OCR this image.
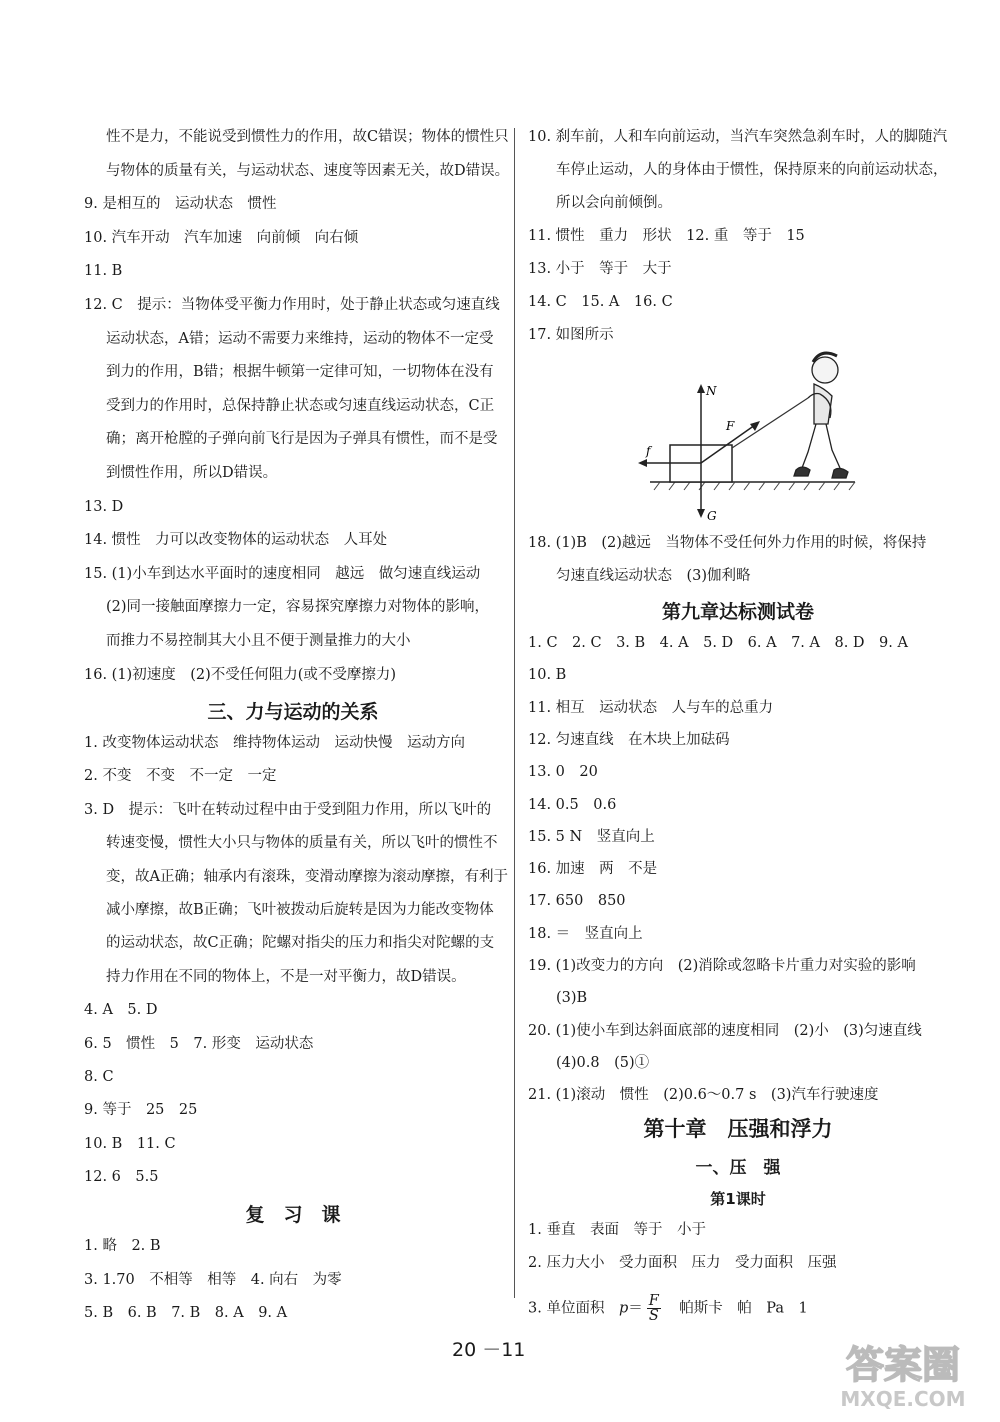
性不是力，不能说受到惯性力的作用，故C错误；物体的惯性只
与物体的质量有关，与运动状态、速度等因素无关，故D错误。
9. 是相互的　运动状态　惯性
10. 汽车开动　汽车加速　向前倾　向右倾
11. B
12. C　提示：当物体受平衡力作用时，处于静止状态或匀速直线
运动状态，A错；运动不需要力来维持，运动的物体不一定受
到力的作用，B错；根据牛顿第一定律可知，一切物体在没有
受到力的作用时，总保持静止状态或匀速直线运动状态，C正
确；离开枪膛的子弹向前飞行是因为子弹具有惯性，而不是受
到惯性作用，所以D错误。
13. D
14. 惯性　力可以改变物体的运动状态　人耳处
15. (1)小车到达水平面时的速度相同　越远　做匀速直线运动
(2)同一接触面摩擦力一定，容易探究摩擦力对物体的影响，
而推力不易控制其大小且不便于测量推力的大小
16. (1)初速度　(2)不受任何阻力(或不受摩擦力)
三、力与运动的关系
1. 改变物体运动状态　维持物体运动　运动快慢　运动方向
2. 不变　不变　不一定　一定
3. D　提示：飞叶在转动过程中由于受到阻力作用，所以飞叶的
转速变慢，惯性大小只与物体的质量有关，所以飞叶的惯性不
变，故A正确；轴承内有滚珠，变滑动摩擦为滚动摩擦，有利于
减小摩擦，故B正确；飞叶被拨动后旋转是因为力能改变物体
的运动状态，故C正确；陀螺对指尖的压力和指尖对陀螺的支
持力作用在不同的物体上，不是一对平衡力，故D错误。
4. A　5. D
6. 5　惯性　5　7. 形变　运动状态
8. C
9. 等于　25　25
10. B　11. C
12. 6　5.5
复　习　课
1. 略　2. B
3. 1.70　不相等　相等　4. 向右　为零
5. B　6. B　7. B　8. A　9. A
10. 刹车前，人和车向前运动，当汽车突然急刹车时，人的脚随汽
车停止运动，人的身体由于惯性，保持原来的向前运动状态，
所以会向前倾倒。
11. 惯性　重力　形状　12. 重　等于　15
13. 小于　等于　大于
14. C　15. A　16. C
17. 如图所示
N
G
f
F
18. (1)B　(2)越远　当物体不受任何外力作用的时候，将保持
匀速直线运动状态　(3)伽利略
第九章达标测试卷
1. C　2. C　3. B　4. A　5. D　6. A　7. A　8. D　9. A
10. B
11. 相互　运动状态　人与车的总重力
12. 匀速直线　在木块上加砝码
13. 0　20
14. 0.5　0.6
15. 5 N　竖直向上
16. 加速　两　不是
17. 650　850
18. ＝　竖直向上
19. (1)改变力的方向　(2)消除或忽略卡片重力对实验的影响
(3)B
20. (1)使小车到达斜面底部的速度相同　(2)小　(3)匀速直线
(4)0.8　(5)①
21. (1)滚动　惯性　(2)0.6～0.7 s　(3)汽车行驶速度
第十章　压强和浮力
一、压　强
第1课时
1. 垂直　表面　等于　小于
2. 压力大小　受力面积　压力　受力面积　压强
3. 单位面积　$p= \frac{F}{S}$ 　帕斯卡　帕　Pa　1
20 －11	答案圈
MXQE.COM
